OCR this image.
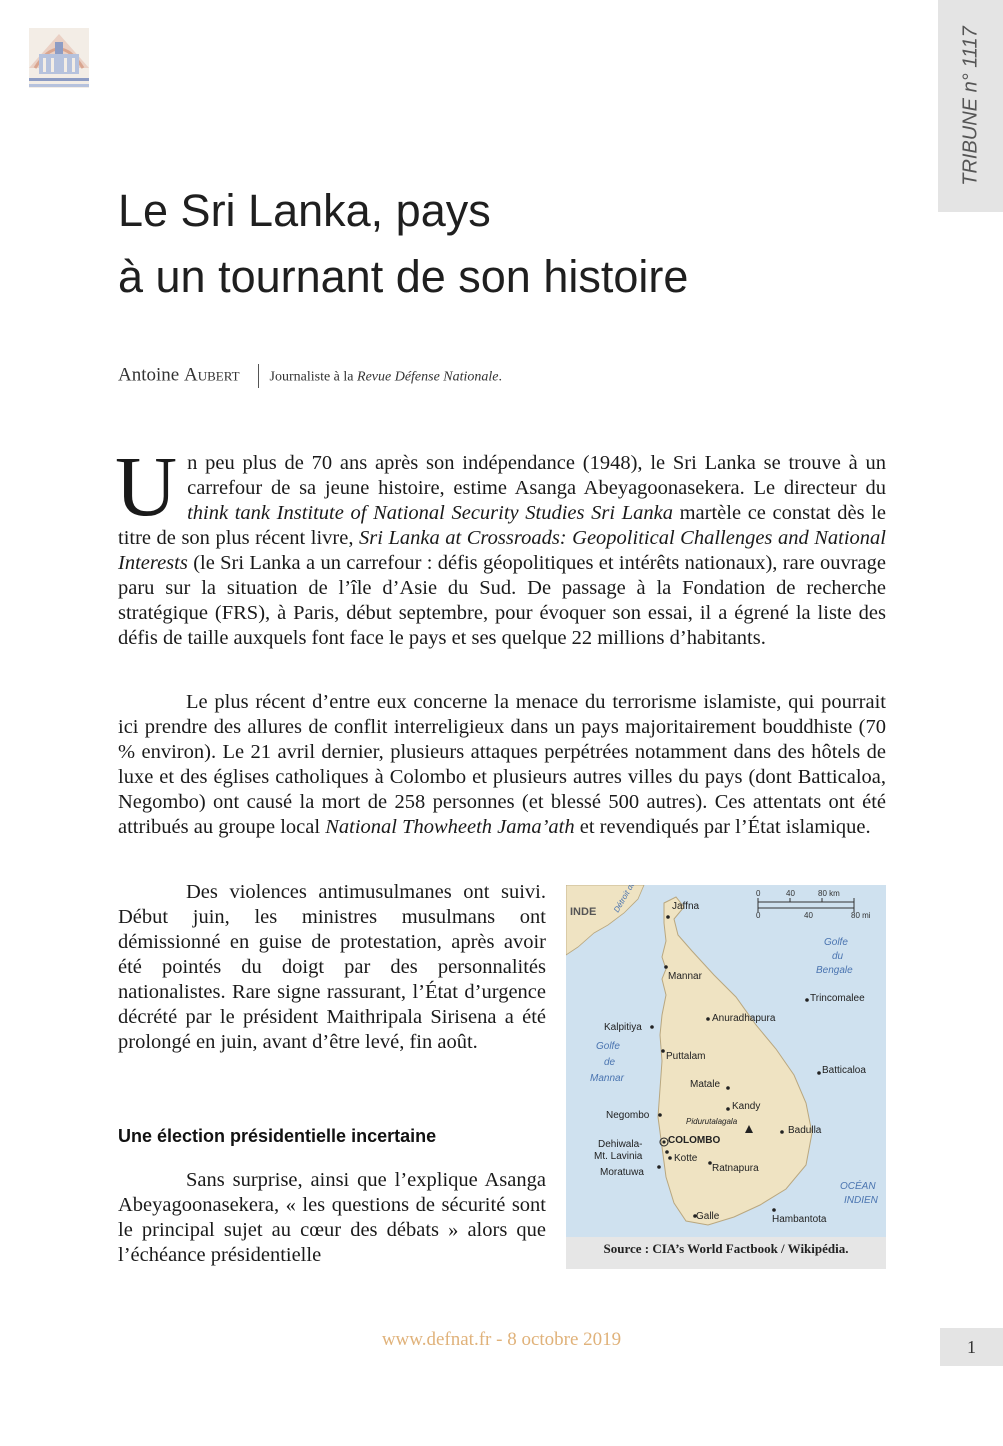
TRIBUNE n° 1117
Le Sri Lanka, pays
à un tournant de son histoire
Antoine Aubert Journaliste à la Revue Défense Nationale.

Un peu plus de 70 ans après son indépendance (1948), le Sri Lanka se trouve à un carrefour de sa jeune histoire, estime Asanga Abeyagoonasekera. Le directeur du think tank Institute of National Security Studies Sri Lanka martèle ce constat dès le titre de son plus récent livre, Sri Lanka at Crossroads: Geopolitical Challenges and National Interests (le Sri Lanka a un carrefour : défis géopolitiques et intérêts nationaux), rare ouvrage paru sur la situation de l’île d’Asie du Sud. De passage à la Fondation de recherche stratégique (FRS), à Paris, début septembre, pour évoquer son essai, il a égrené la liste des défis de taille auxquels font face le pays et ses quelque 22 millions d’habitants.

Le plus récent d’entre eux concerne la menace du terrorisme islamiste, qui pourrait ici prendre des allures de conflit interreligieux dans un pays majoritairement bouddhiste (70 % environ). Le 21 avril dernier, plusieurs attaques perpétrées notamment dans des hôtels de luxe et des églises catholiques à Colombo et plusieurs autres villes du pays (dont Batticaloa, Negombo) ont causé la mort de 258 personnes (et blessé 500 autres). Ces attentats ont été attribués au groupe local National Thowheeth Jama’ath et revendiqués par l’État islamique.

Des violences antimusulmanes ont suivi. Début juin, les ministres musulmans ont démissionné en guise de protestation, après avoir été pointés du doigt par des personnalités nationalistes. Rare signe rassurant, l’État d’urgence décrété par le président Maithripala Sirisena a été prolongé en juin, avant d’être levé, fin août.

Une élection présidentielle incertaine

Sans surprise, ainsi que l’explique Asanga Abeyagoonasekera, « les questions de sécurité sont le principal sujet au cœur des débats » alors que l’échéance présidentielle

0	40	80 km
0	40	80 mi
INDE
Golfe
du
Bengale
Golfe
de
Mannar
OCÉAN
INDIEN
Jaffna
Mannar
Trincomalee
Anuradhapura
Kalpitiya
Puttalam
Batticaloa
Matale
Kandy
Negombo
Badulla
COLOMBO
Dehiwala-
Mt. Lavinia	Kotte
Moratuwa	Ratnapura
Galle	Hambantota
Pidurutalagala
Source : CIA’s World Factbook / Wikipédia.
www.defnat.fr - 8 octobre 2019	1
